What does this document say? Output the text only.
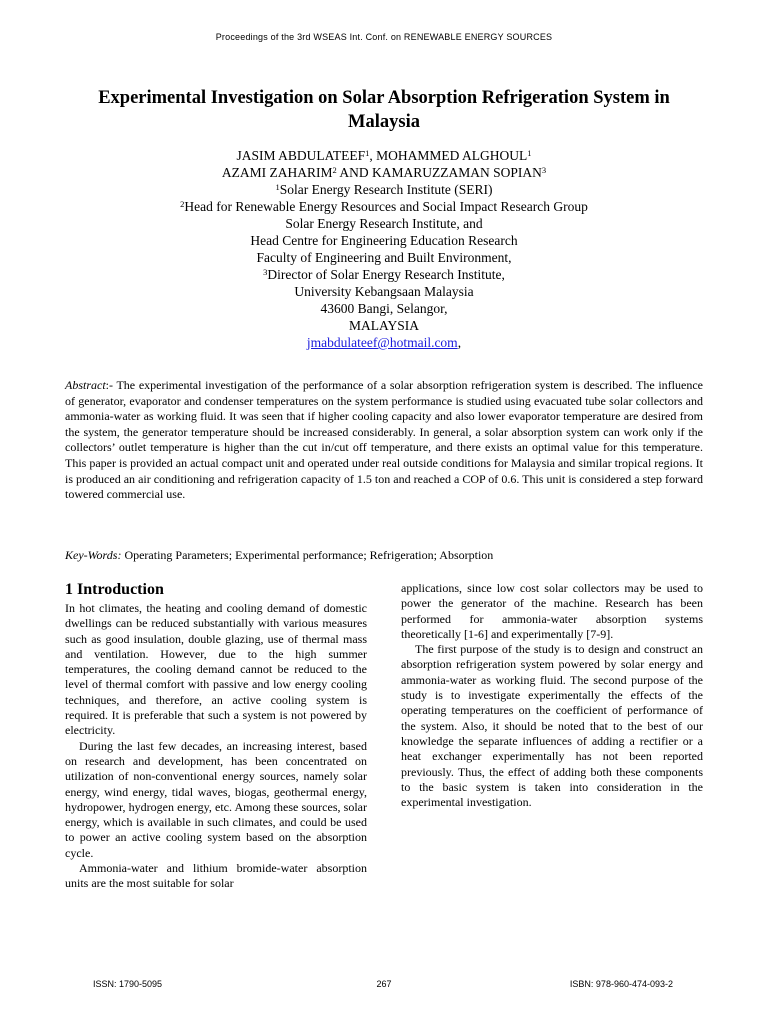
Proceedings of the 3rd WSEAS Int. Conf. on RENEWABLE ENERGY SOURCES
Experimental Investigation on Solar Absorption Refrigeration System in Malaysia
JASIM ABDULATEEF$^1$, MOHAMMED ALGHOUL$^1$
AZAMI ZAHARIM$^2$ AND KAMARUZZAMAN SOPIAN$^3$
$^1$Solar Energy Research Institute (SERI)
$^2$Head for Renewable Energy Resources and Social Impact Research Group
Solar Energy Research Institute, and
Head Centre for Engineering Education Research
Faculty of Engineering and Built Environment,
$^3$Director of Solar Energy Research Institute,
University Kebangsaan Malaysia
43600 Bangi, Selangor,
MALAYSIA
jmabdulateef@hotmail.com,
Abstract:- The experimental investigation of the performance of a solar absorption refrigeration system is described. The influence of generator, evaporator and condenser temperatures on the system performance is studied using evacuated tube solar collectors and ammonia-water as working fluid. It was seen that if higher cooling capacity and also lower evaporator temperature are desired from the system, the generator temperature should be increased considerably. In general, a solar absorption system can work only if the collectors’ outlet temperature is higher than the cut in/cut off temperature, and there exists an optimal value for this temperature. This paper is provided an actual compact unit and operated under real outside conditions for Malaysia and similar tropical regions. It is produced an air conditioning and refrigeration capacity of 1.5 ton and reached a COP of 0.6. This unit is considered a step forward towered commercial use.
Key-Words: Operating Parameters; Experimental performance; Refrigeration; Absorption
1 Introduction

In hot climates, the heating and cooling demand of domestic dwellings can be reduced substantially with various measures such as good insulation, double glazing, use of thermal mass and ventilation. However, due to the high summer temperatures, the cooling demand cannot be reduced to the level of thermal comfort with passive and low energy cooling techniques, and therefore, an active cooling system is required. It is preferable that such a system is not powered by electricity.

During the last few decades, an increasing interest, based on research and development, has been concentrated on utilization of non-conventional energy sources, namely solar energy, wind energy, tidal waves, biogas, geothermal energy, hydropower, hydrogen energy, etc. Among these sources, solar energy, which is available in such climates, and could be used to power an active cooling system based on the absorption cycle.

Ammonia-water and lithium bromide-water absorption units are the most suitable for solar

applications, since low cost solar collectors may be used to power the generator of the machine. Research has been performed for ammonia-water absorption systems theoretically [1-6] and experimentally [7-9].

The first purpose of the study is to design and construct an absorption refrigeration system powered by solar energy and ammonia-water as working fluid. The second purpose of the study is to investigate experimentally the effects of the operating temperatures on the coefficient of performance of the system. Also, it should be noted that to the best of our knowledge the separate influences of adding a rectifier or a heat exchanger experimentally has not been reported previously. Thus, the effect of adding both these components to the basic system is taken into consideration in the experimental investigation.

ISSN: 1790-5095	267	ISBN: 978-960-474-093-2
